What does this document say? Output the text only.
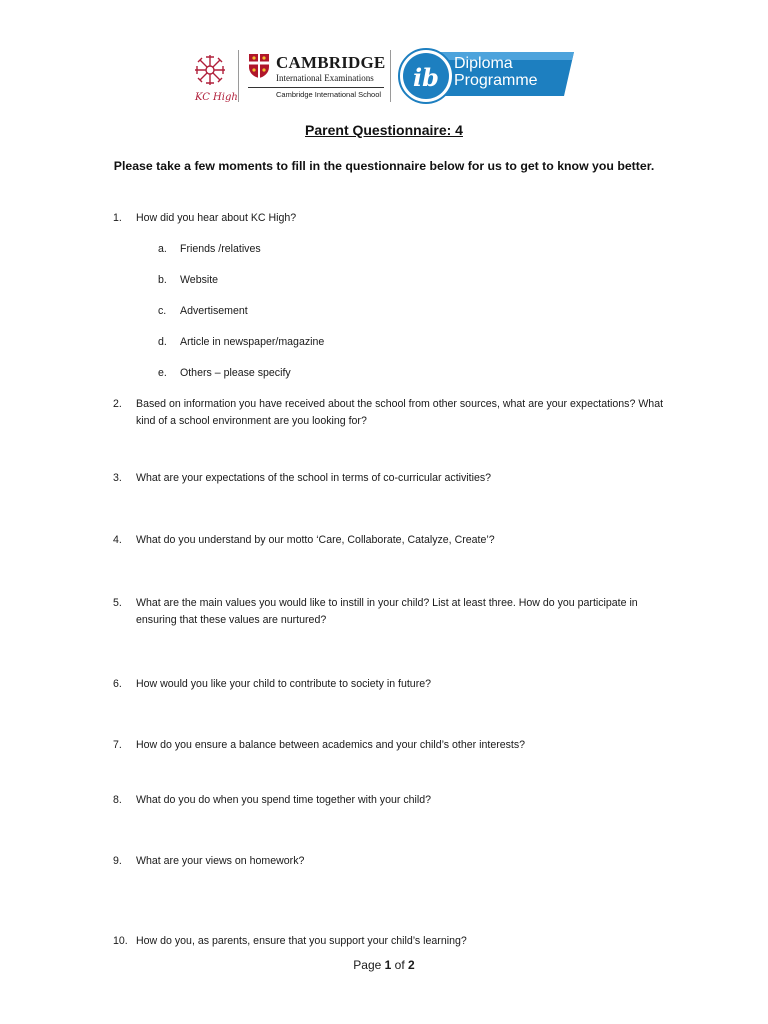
KC High
CAMBRIDGE
International Examinations
Cambridge International School
ib Diploma
Programme
Parent Questionnaire: 4
Please take a few moments to fill in the questionnaire below for us to get to know you better.
1. How did you hear about KC High?
a. Friends /relatives
b. Website
c. Advertisement
d. Article in newspaper/magazine
e. Others – please specify
2. Based on information you have received about the school from other sources, what are your expectations? What kind of a school environment are you looking for?
3. What are your expectations of the school in terms of co-curricular activities?
4. What do you understand by our motto ‘Care, Collaborate, Catalyze, Create’?
5. What are the main values you would like to instill in your child? List at least three. How do you participate in ensuring that these values are nurtured?
6. How would you like your child to contribute to society in future?
7. How do you ensure a balance between academics and your child’s other interests?
8. What do you do when you spend time together with your child?
9. What are your views on homework?
10. How do you, as parents, ensure that you support your child’s learning?
Page 1 of 2
